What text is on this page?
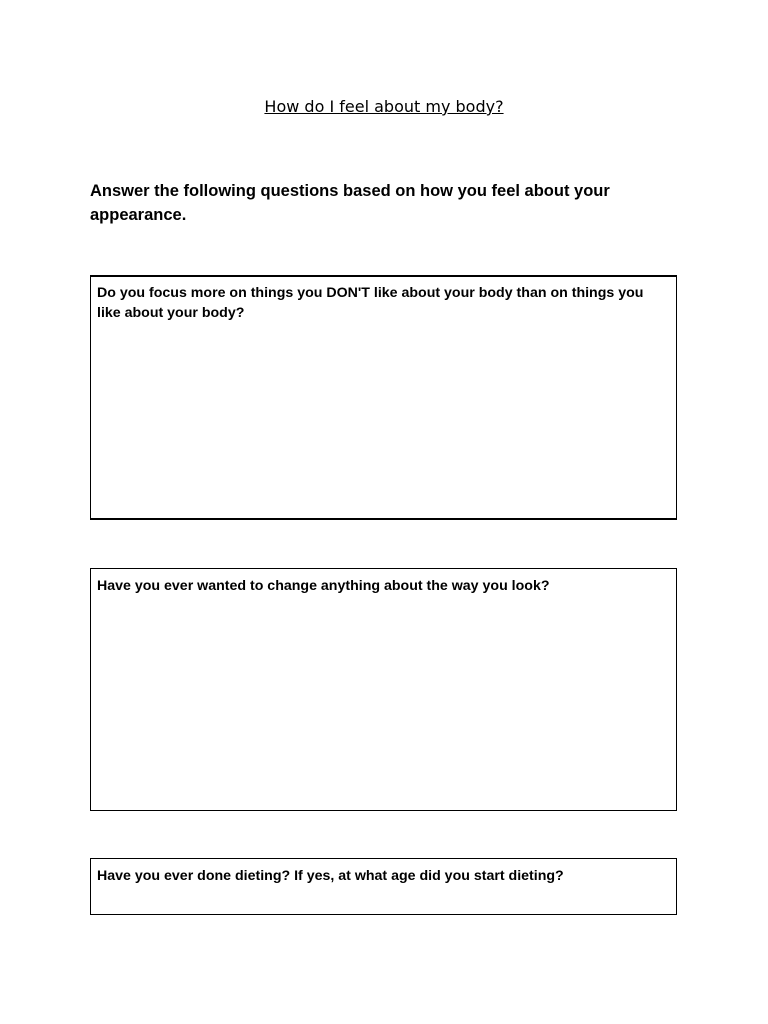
How do I feel about my body?
Answer the following questions based on how you feel about your appearance.
Do you focus more on things you DON'T like about your body than on things you like about your body?
Have you ever wanted to change anything about the way you look?
Have you ever done dieting? If yes, at what age did you start dieting?
